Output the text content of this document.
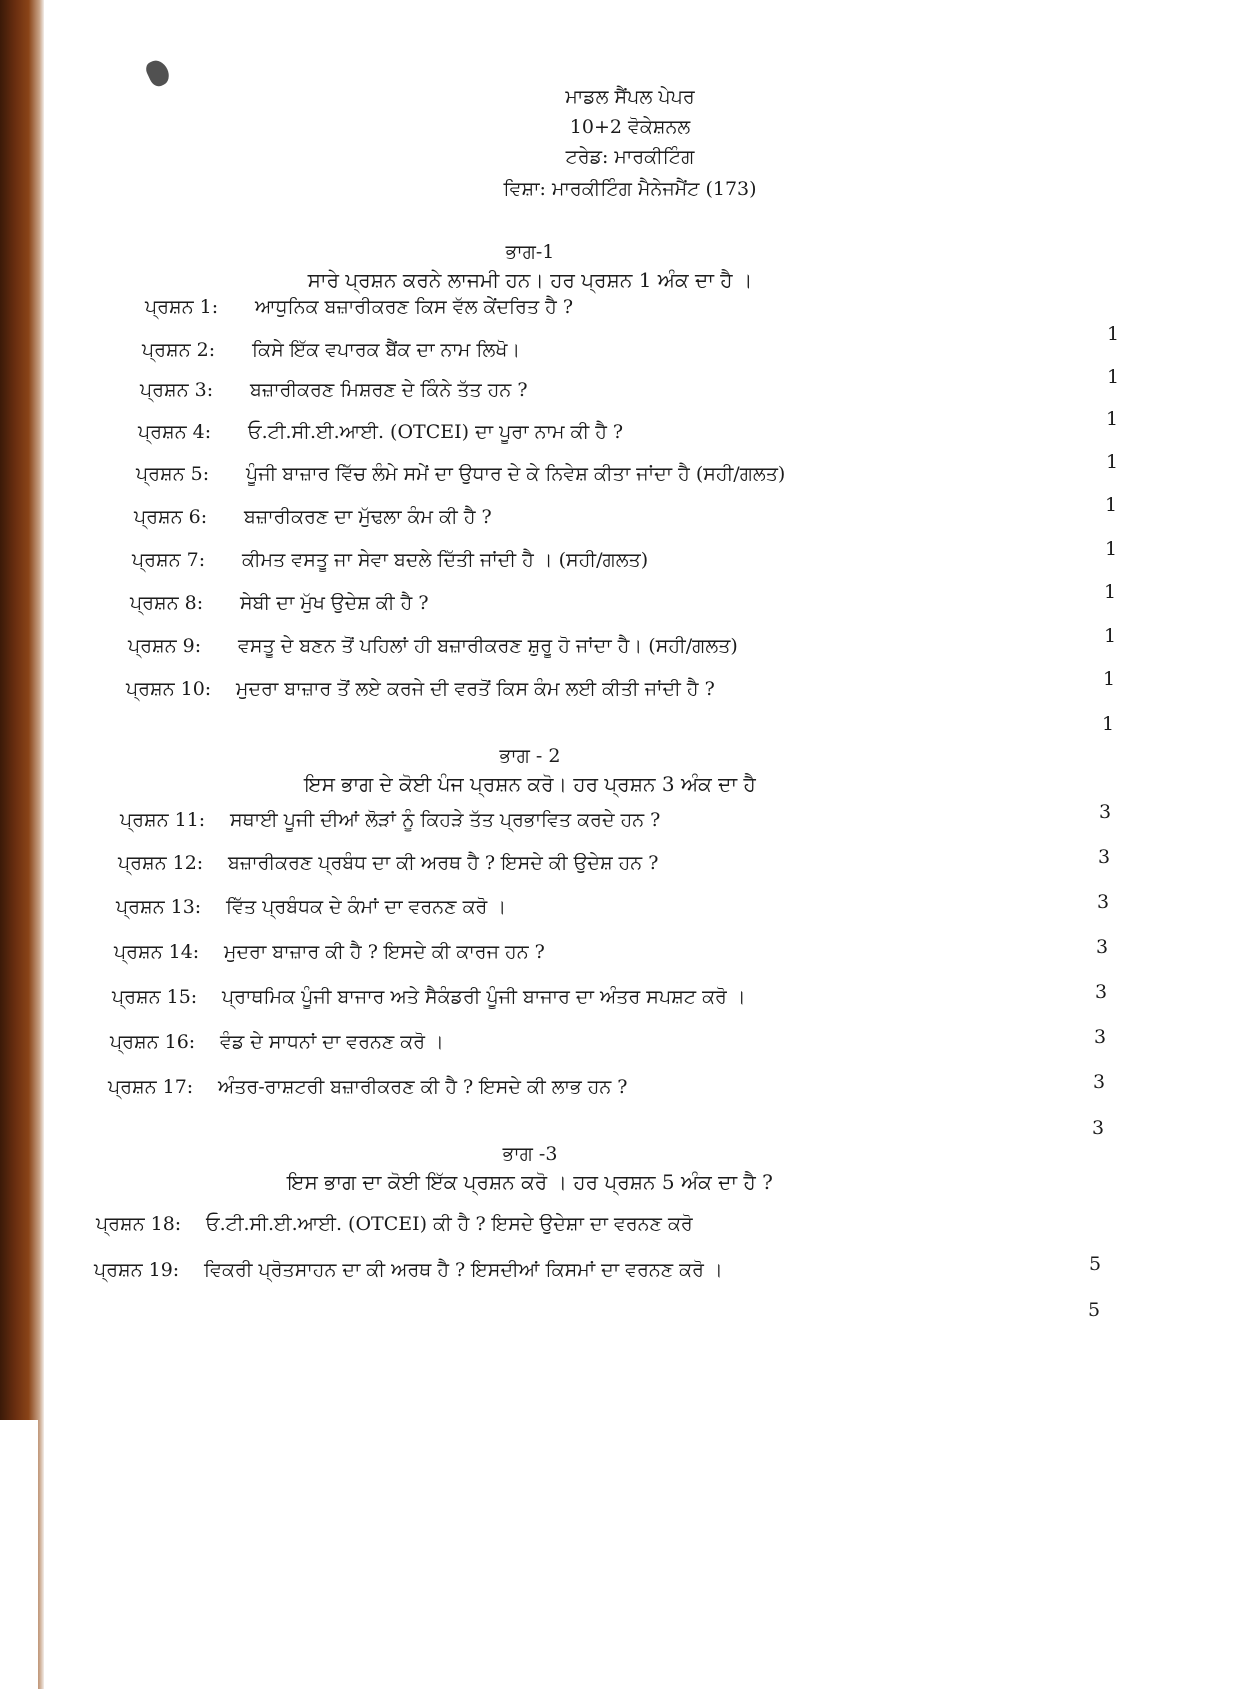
ਮਾਡਲ ਸੈਂਪਲ ਪੇਪਰ
10+2 ਵੋਕੇਸ਼ਨਲ
ਟਰੇਡ: ਮਾਰਕੀਟਿੰਗ
ਵਿਸ਼ਾ: ਮਾਰਕੀਟਿੰਗ ਮੈਨੇਜਮੈਂਟ (173)
ਭਾਗ-1
ਸਾਰੇ ਪ੍ਰਸ਼ਨ ਕਰਨੇ ਲਾਜਮੀ ਹਨ। ਹਰ ਪ੍ਰਸ਼ਨ 1 ਅੰਕ ਦਾ ਹੈ ।
ਪ੍ਰਸ਼ਨ 1: ਆਧੁਨਿਕ ਬਜ਼ਾਰੀਕਰਣ ਕਿਸ ਵੱਲ ਕੇਂਦਰਿਤ ਹੈ ?
ਪ੍ਰਸ਼ਨ 2: ਕਿਸੇ ਇੱਕ ਵਪਾਰਕ ਬੈਂਕ ਦਾ ਨਾਮ ਲਿਖੋ।
ਪ੍ਰਸ਼ਨ 3: ਬਜ਼ਾਰੀਕਰਣ ਮਿਸ਼ਰਣ ਦੇ ਕਿੰਨੇ ਤੱਤ ਹਨ ?
ਪ੍ਰਸ਼ਨ 4: ਓ.ਟੀ.ਸੀ.ਈ.ਆਈ. (OTCEI) ਦਾ ਪੂਰਾ ਨਾਮ ਕੀ ਹੈ ?
ਪ੍ਰਸ਼ਨ 5: ਪੂੰਜੀ ਬਾਜ਼ਾਰ ਵਿੱਚ ਲੰਮੇ ਸਮੇਂ ਦਾ ਉਧਾਰ ਦੇ ਕੇ ਨਿਵੇਸ਼ ਕੀਤਾ ਜਾਂਦਾ ਹੈ (ਸਹੀ/ਗਲਤ)
ਪ੍ਰਸ਼ਨ 6: ਬਜ਼ਾਰੀਕਰਣ ਦਾ ਮੁੱਢਲਾ ਕੰਮ ਕੀ ਹੈ ?
ਪ੍ਰਸ਼ਨ 7: ਕੀਮਤ ਵਸਤੂ ਜਾ ਸੇਵਾ ਬਦਲੇ ਦਿੱਤੀ ਜਾਂਦੀ ਹੈ । (ਸਹੀ/ਗਲਤ)
ਪ੍ਰਸ਼ਨ 8: ਸੇਬੀ ਦਾ ਮੁੱਖ ਉਦੇਸ਼ ਕੀ ਹੈ ?
ਪ੍ਰਸ਼ਨ 9: ਵਸਤੂ ਦੇ ਬਣਨ ਤੋਂ ਪਹਿਲਾਂ ਹੀ ਬਜ਼ਾਰੀਕਰਣ ਸ਼ੁਰੂ ਹੋ ਜਾਂਦਾ ਹੈ। (ਸਹੀ/ਗਲਤ)
ਪ੍ਰਸ਼ਨ 10: ਮੁਦਰਾ ਬਾਜ਼ਾਰ ਤੋਂ ਲਏ ਕਰਜੇ ਦੀ ਵਰਤੋਂ ਕਿਸ ਕੰਮ ਲਈ ਕੀਤੀ ਜਾਂਦੀ ਹੈ ?
ਭਾਗ - 2
ਇਸ ਭਾਗ ਦੇ ਕੋਈ ਪੰਜ ਪ੍ਰਸ਼ਨ ਕਰੋ। ਹਰ ਪ੍ਰਸ਼ਨ 3 ਅੰਕ ਦਾ ਹੈ
ਪ੍ਰਸ਼ਨ 11: ਸਥਾਈ ਪੂਜੀ ਦੀਆਂ ਲੋੜਾਂ ਨੂੰ ਕਿਹੜੇ ਤੱਤ ਪ੍ਰਭਾਵਿਤ ਕਰਦੇ ਹਨ ?
ਪ੍ਰਸ਼ਨ 12: ਬਜ਼ਾਰੀਕਰਣ ਪ੍ਰਬੰਧ ਦਾ ਕੀ ਅਰਥ ਹੈ ? ਇਸਦੇ ਕੀ ਉਦੇਸ਼ ਹਨ ?
ਪ੍ਰਸ਼ਨ 13: ਵਿੱਤ ਪ੍ਰਬੰਧਕ ਦੇ ਕੰਮਾਂ ਦਾ ਵਰਨਣ ਕਰੋ ।
ਪ੍ਰਸ਼ਨ 14: ਮੁਦਰਾ ਬਾਜ਼ਾਰ ਕੀ ਹੈ ? ਇਸਦੇ ਕੀ ਕਾਰਜ ਹਨ ?
ਪ੍ਰਸ਼ਨ 15: ਪ੍ਰਾਥਮਿਕ ਪੂੰਜੀ ਬਾਜਾਰ ਅਤੇ ਸੈਕੰਡਰੀ ਪੂੰਜੀ ਬਾਜਾਰ ਦਾ ਅੰਤਰ ਸਪਸ਼ਟ ਕਰੋ ।
ਪ੍ਰਸ਼ਨ 16: ਵੰਡ ਦੇ ਸਾਧਨਾਂ ਦਾ ਵਰਨਣ ਕਰੋ ।
ਪ੍ਰਸ਼ਨ 17: ਅੰਤਰ-ਰਾਸ਼ਟਰੀ ਬਜ਼ਾਰੀਕਰਣ ਕੀ ਹੈ ? ਇਸਦੇ ਕੀ ਲਾਭ ਹਨ ?
ਭਾਗ -3
ਇਸ ਭਾਗ ਦਾ ਕੋਈ ਇੱਕ ਪ੍ਰਸ਼ਨ ਕਰੋ । ਹਰ ਪ੍ਰਸ਼ਨ 5 ਅੰਕ ਦਾ ਹੈ ?
ਪ੍ਰਸ਼ਨ 18: ਓ.ਟੀ.ਸੀ.ਈ.ਆਈ. (OTCEI) ਕੀ ਹੈ ? ਇਸਦੇ ਉਦੇਸ਼ਾ ਦਾ ਵਰਨਣ ਕਰੋ
ਪ੍ਰਸ਼ਨ 19: ਵਿਕਰੀ ਪ੍ਰੋਤਸਾਹਨ ਦਾ ਕੀ ਅਰਥ ਹੈ ? ਇਸਦੀਆਂ ਕਿਸਮਾਂ ਦਾ ਵਰਨਣ ਕਰੋ ।
1
1
1
1
1
1
1
1
1
1
3
3
3
3
3
3
3
3
5
5
